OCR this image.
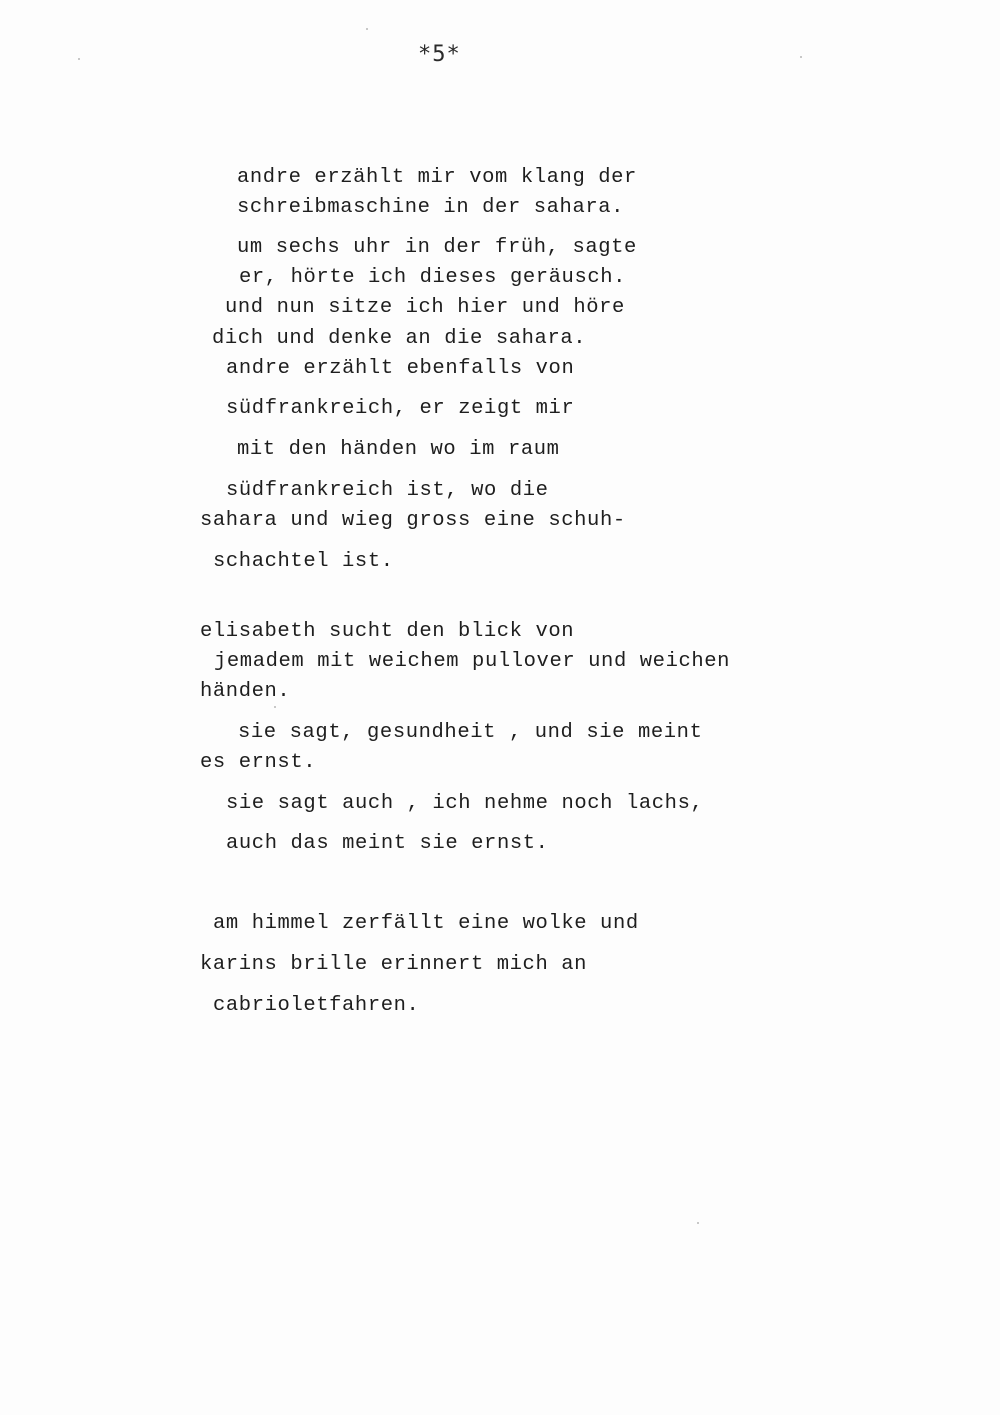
*5*
andre erzählt mir vom klang der
schreibmaschine in der sahara.
um sechs uhr in der früh, sagte
er, hörte ich dieses geräusch.
und nun sitze ich hier und höre
dich und denke an die sahara.
andre erzählt ebenfalls von
südfrankreich, er zeigt mir
mit den händen wo im raum
südfrankreich ist, wo die
sahara und wieg gross eine schuh-
schachtel ist.
elisabeth sucht den blick von
jemadem mit weichem pullover und weichen
händen.
sie sagt, gesundheit , und sie meint
es ernst.
sie sagt auch , ich nehme noch lachs,
auch das meint sie ernst.
am himmel zerfällt eine wolke und
karins brille erinnert mich an
cabrioletfahren.
